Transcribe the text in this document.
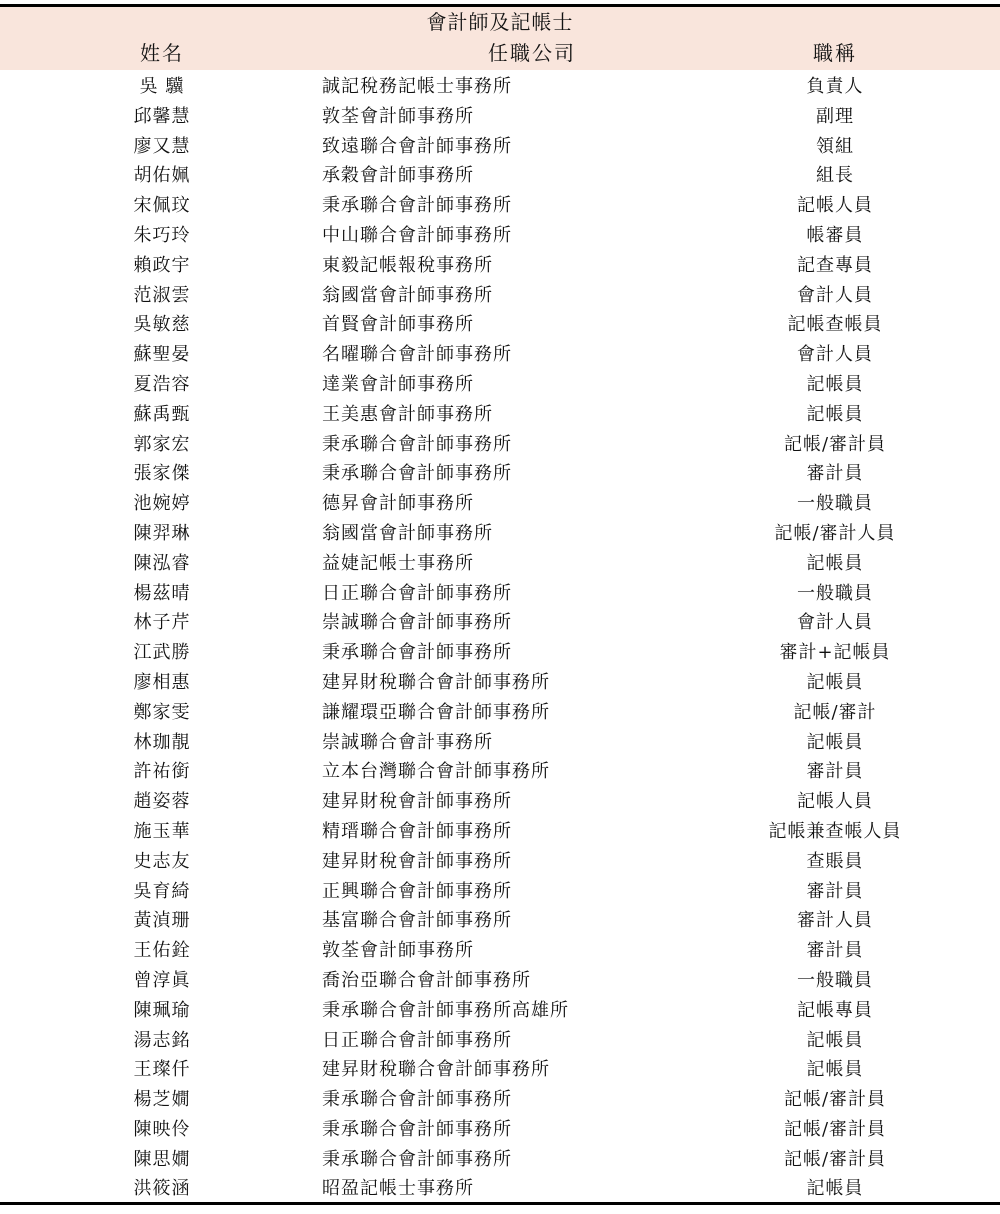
會計師及記帳士
姓名	任職公司	職稱
吳 驥	誠記稅務記帳士事務所	負責人
邱馨慧	敦荃會計師事務所	副理
廖又慧	致遠聯合會計師事務所	領組
胡佑姵	承穀會計師事務所	組長
宋佩玟	秉承聯合會計師事務所	記帳人員
朱巧玲	中山聯合會計師事務所	帳審員
賴政宇	東毅記帳報稅事務所	記查專員
范淑雲	翁國當會計師事務所	會計人員
吳敏慈	首賢會計師事務所	記帳查帳員
蘇聖晏	名曜聯合會計師事務所	會計人員
夏浩容	達業會計師事務所	記帳員
蘇禹甄	王美惠會計師事務所	記帳員
郭家宏	秉承聯合會計師事務所	記帳/審計員
張家傑	秉承聯合會計師事務所	審計員
池婉婷	德昇會計師事務所	一般職員
陳羿琳	翁國當會計師事務所	記帳/審計人員
陳泓睿	益婕記帳士事務所	記帳員
楊茲晴	日正聯合會計師事務所	一般職員
林子芹	崇誠聯合會計師事務所	會計人員
江武勝	秉承聯合會計師事務所	審計+記帳員
廖相惠	建昇財稅聯合會計師事務所	記帳員
鄭家雯	謙耀環亞聯合會計師事務所	記帳/審計
林珈靚	崇誠聯合會計事務所	記帳員
許祐銜	立本台灣聯合會計師事務所	審計員
趙姿蓉	建昇財稅會計師事務所	記帳人員
施玉華	精瑨聯合會計師事務所	記帳兼查帳人員
史志友	建昇財稅會計師事務所	查賬員
吳育綺	正興聯合會計師事務所	審計員
黃湞珊	基富聯合會計師事務所	審計人員
王佑銓	敦荃會計師事務所	審計員
曾淳眞	喬治亞聯合會計師事務所	一般職員
陳珮瑜	秉承聯合會計師事務所高雄所	記帳專員
湯志銘	日正聯合會計師事務所	記帳員
王璨仟	建昇財稅聯合會計師事務所	記帳員
楊芝嫺	秉承聯合會計師事務所	記帳/審計員
陳映伶	秉承聯合會計師事務所	記帳/審計員
陳思嫺	秉承聯合會計師事務所	記帳/審計員
洪筱涵	昭盈記帳士事務所	記帳員
